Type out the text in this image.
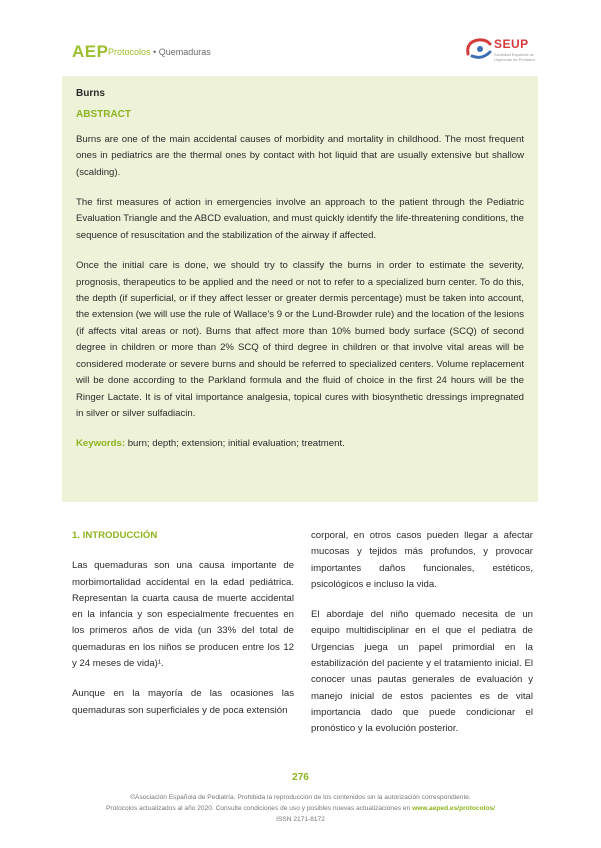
AEP Protocolos • Quemaduras
SEUP
Sociedad Española de Urgencias de Pediatría

Burns

ABSTRACT

Burns are one of the main accidental causes of morbidity and mortality in childhood. The most frequent ones in pediatrics are the thermal ones by contact with hot liquid that are usually extensive but shallow (scalding).

The first measures of action in emergencies involve an approach to the patient through the Pediatric Evaluation Triangle and the ABCD evaluation, and must quickly identify the life-threatening conditions, the sequence of resuscitation and the stabilization of the airway if affected.

Once the initial care is done, we should try to classify the burns in order to estimate the severity, prognosis, therapeutics to be applied and the need or not to refer to a specialized burn center. To do this, the depth (if superficial, or if they affect lesser or greater dermis percentage) must be taken into account, the extension (we will use the rule of Wallace's 9 or the Lund-Browder rule) and the location of the lesions (if affects vital areas or not). Burns that affect more than 10% burned body surface (SCQ) of second degree in children or more than 2% SCQ of third degree in children or that involve vital areas will be considered moderate or severe burns and should be referred to specialized centers. Volume replacement will be done according to the Parkland formula and the fluid of choice in the first 24 hours will be the Ringer Lactate. It is of vital importance analgesia, topical cures with biosynthetic dressings impregnated in silver or silver sulfadiacin.

Keywords: burn; depth; extension; initial evaluation; treatment.

1. INTRODUCCIÓN

Las quemaduras son una causa importante de morbimortalidad accidental en la edad pediátrica. Representan la cuarta causa de muerte accidental en la infancia y son especialmente frecuentes en los primeros años de vida (un 33% del total de quemaduras en los niños se producen entre los 12 y 24 meses de vida)¹.

Aunque en la mayoría de las ocasiones las quemaduras son superficiales y de poca extensión

corporal, en otros casos pueden llegar a afectar mucosas y tejidos más profundos, y provocar importantes daños funcionales, estéticos, psicológicos e incluso la vida.

El abordaje del niño quemado necesita de un equipo multidisciplinar en el que el pediatra de Urgencias juega un papel primordial en la estabilización del paciente y el tratamiento inicial. El conocer unas pautas generales de evaluación y manejo inicial de estos pacientes es de vital importancia dado que puede condicionar el pronóstico y la evolución posterior.

276
©Asociación Española de Pediatría. Prohibida la reproducción de los contenidos sin la autorización correspondiente.
Protocolos actualizados al año 2020. Consulte condiciones de uso y posibles nuevas actualizaciones en www.aeped.es/protocolos/
ISSN 2171-8172
